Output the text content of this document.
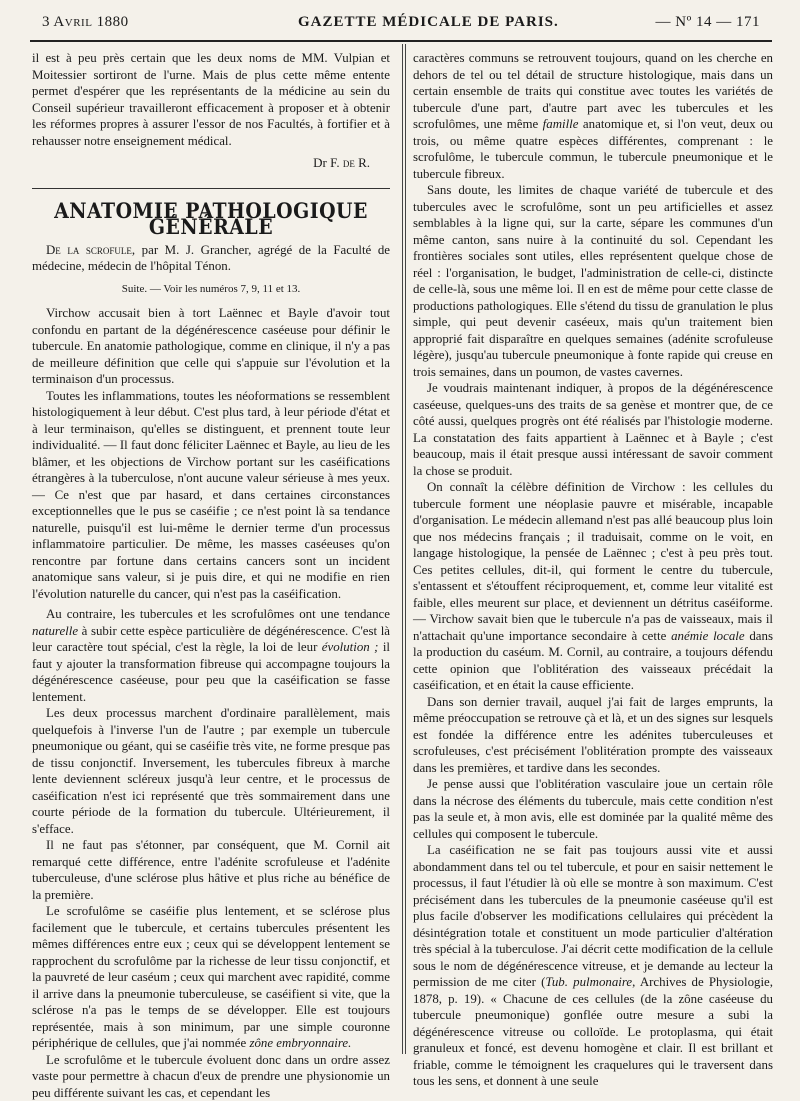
3 Avril 1880	GAZETTE MÉDICALE DE PARIS.	— Nº 14 — 171

il est à peu près certain que les deux noms de MM. Vulpian et Moitessier sortiront de l'urne. Mais de plus cette même entente permet d'espérer que les représentants de la médicine au sein du Conseil supérieur travailleront efficacement à proposer et à obtenir les réformes propres à assurer l'essor de nos Facultés, à fortifier et à rehausser notre enseignement médical.

Dr F. de R.
ANATOMIE PATHOLOGIQUE GÉNÉRALE

De la scrofule, par M. J. Grancher, agrégé de la Faculté de médecine, médecin de l'hôpital Ténon.

Suite. — Voir les numéros 7, 9, 11 et 13.

Virchow accusait bien à tort Laënnec et Bayle d'avoir tout confondu en partant de la dégénérescence caséeuse pour définir le tubercule. En anatomie pathologique, comme en clinique, il n'y a pas de meilleure définition que celle qui s'appuie sur l'évolution et la terminaison d'un processus.

Toutes les inflammations, toutes les néoformations se ressemblent histologiquement à leur début. C'est plus tard, à leur période d'état et à leur terminaison, qu'elles se distinguent, et prennent toute leur individualité. — Il faut donc féliciter Laënnec et Bayle, au lieu de les blâmer, et les objections de Virchow portant sur les caséifications étrangères à la tuberculose, n'ont aucune valeur sérieuse à mes yeux. — Ce n'est que par hasard, et dans certaines circonstances exceptionnelles que le pus se caséifie ; ce n'est point là sa tendance naturelle, puisqu'il est lui-même le dernier terme d'un processus inflammatoire particulier. De même, les masses caséeuses qu'on rencontre par fortune dans certains cancers sont un incident anatomique sans valeur, si je puis dire, et qui ne modifie en rien l'évolution naturelle du cancer, qui n'est pas la caséification.

Au contraire, les tubercules et les scrofulômes ont une tendance naturelle à subir cette espèce particulière de dégénérescence. C'est là leur caractère tout spécial, c'est la règle, la loi de leur évolution ; il faut y ajouter la transformation fibreuse qui accompagne toujours la dégénérescence caséeuse, pour peu que la caséification se fasse lentement.

Les deux processus marchent d'ordinaire parallèlement, mais quelquefois à l'inverse l'un de l'autre ; par exemple un tubercule pneumonique ou géant, qui se caséifie très vite, ne forme presque pas de tissu conjonctif. Inversement, les tubercules fibreux à marche lente deviennent scléreux jusqu'à leur centre, et le processus de caséification n'est ici représenté que très sommairement dans une courte période de la formation du tubercule. Ultérieurement, il s'efface.

Il ne faut pas s'étonner, par conséquent, que M. Cornil ait remarqué cette différence, entre l'adénite scrofuleuse et l'adénite tuberculeuse, d'une sclérose plus hâtive et plus riche au bénéfice de la première.

Le scrofulôme se caséifie plus lentement, et se sclérose plus facilement que le tubercule, et certains tubercules présentent les mêmes différences entre eux ; ceux qui se développent lentement se rapprochent du scrofulôme par la richesse de leur tissu conjonctif, et la pauvreté de leur caséum ; ceux qui marchent avec rapidité, comme il arrive dans la pneumonie tuberculeuse, se caséifient si vite, que la sclérose n'a pas le temps de se développer. Elle est toujours représentée, mais à son minimum, par une simple couronne périphérique de cellules, que j'ai nommée zône embryonnaire.

Le scrofulôme et le tubercule évoluent donc dans un ordre assez vaste pour permettre à chacun d'eux de prendre une physionomie un peu différente suivant les cas, et cependant les

caractères communs se retrouvent toujours, quand on les cherche en dehors de tel ou tel détail de structure histologique, mais dans un certain ensemble de traits qui constitue avec toutes les variétés de tubercule d'une part, d'autre part avec les tubercules et les scrofulômes, une même famille anatomique et, si l'on veut, deux ou trois, ou même quatre espèces différentes, comprenant : le scrofulôme, le tubercule commun, le tubercule pneumonique et le tubercule fibreux.

Sans doute, les limites de chaque variété de tubercule et des tubercules avec le scrofulôme, sont un peu artificielles et assez semblables à la ligne qui, sur la carte, sépare les communes d'un même canton, sans nuire à la continuité du sol. Cependant les frontières sociales sont utiles, elles représentent quelque chose de réel : l'organisation, le budget, l'administration de celle-ci, distincte de celle-là, sous une même loi. Il en est de même pour cette classe de productions pathologiques. Elle s'étend du tissu de granulation le plus simple, qui peut devenir caséeux, mais qu'un traitement bien approprié fait disparaître en quelques semaines (adénite scrofuleuse légère), jusqu'au tubercule pneumonique à fonte rapide qui creuse en trois semaines, dans un poumon, de vastes cavernes.

Je voudrais maintenant indiquer, à propos de la dégénérescence caséeuse, quelques-uns des traits de sa genèse et montrer que, de ce côté aussi, quelques progrès ont été réalisés par l'histologie moderne. La constatation des faits appartient à Laënnec et à Bayle ; c'est beaucoup, mais il était presque aussi intéressant de savoir comment la chose se produit.

On connaît la célèbre définition de Virchow : les cellules du tubercule forment une néoplasie pauvre et misérable, incapable d'organisation. Le médecin allemand n'est pas allé beaucoup plus loin que nos médecins français ; il traduisait, comme on le voit, en langage histologique, la pensée de Laënnec ; c'est à peu près tout. Ces petites cellules, dit-il, qui forment le centre du tubercule, s'entassent et s'étouffent réciproquement, et, comme leur vitalité est faible, elles meurent sur place, et deviennent un détritus caséiforme. — Virchow savait bien que le tubercule n'a pas de vaisseaux, mais il n'attachait qu'une importance secondaire à cette anémie locale dans la production du caséum. M. Cornil, au contraire, a toujours défendu cette opinion que l'oblitération des vaisseaux précédait la caséification, et en était la cause efficiente.

Dans son dernier travail, auquel j'ai fait de larges emprunts, la même préoccupation se retrouve çà et là, et un des signes sur lesquels est fondée la différence entre les adénites tuberculeuses et scrofuleuses, c'est précisément l'oblitération prompte des vaisseaux dans les premières, et tardive dans les secondes.

Je pense aussi que l'oblitération vasculaire joue un certain rôle dans la nécrose des éléments du tubercule, mais cette condition n'est pas la seule et, à mon avis, elle est dominée par la qualité même des cellules qui composent le tubercule.

La caséification ne se fait pas toujours aussi vite et aussi abondamment dans tel ou tel tubercule, et pour en saisir nettement le processus, il faut l'étudier là où elle se montre à son maximum. C'est précisément dans les tubercules de la pneumonie caséeuse qu'il est plus facile d'observer les modifications cellulaires qui précèdent la désintégration totale et constituent un mode particulier d'altération très spécial à la tuberculose. J'ai décrit cette modification de la cellule sous le nom de dégénérescence vitreuse, et je demande au lecteur la permission de me citer (Tub. pulmonaire, Archives de Physiologie, 1878, p. 19). « Chacune de ces cellules (de la zône caséeuse du tubercule pneumonique) gonflée outre mesure a subi la dégénérescence vitreuse ou colloïde. Le protoplasma, qui était granuleux et foncé, est devenu homogène et clair. Il est brillant et friable, comme le témoignent les craquelures qui le traversent dans tous les sens, et donnent à une seule
